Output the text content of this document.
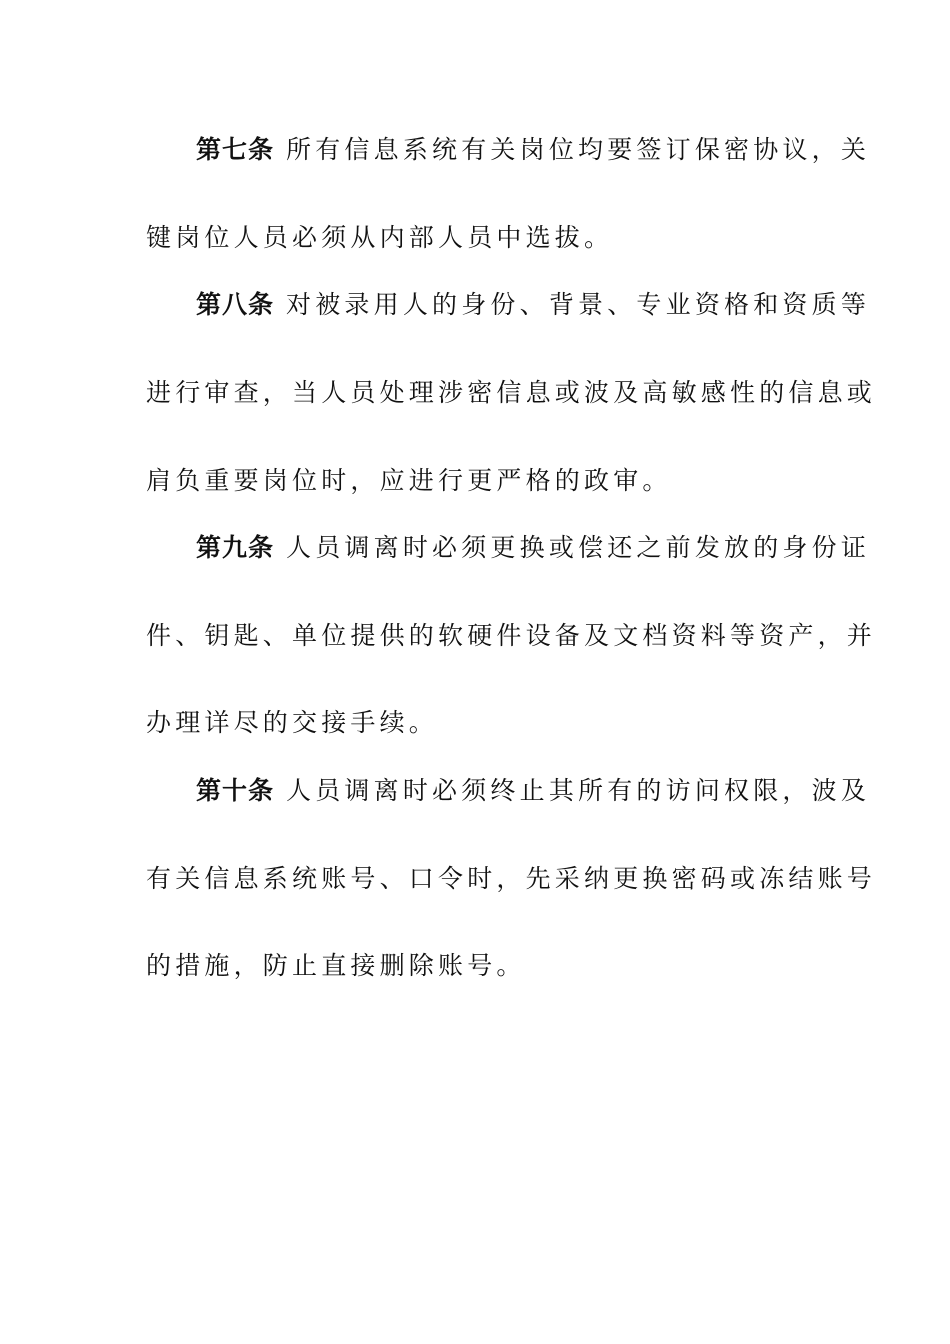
第七条 所有信息系统有关岗位均要签订保密协议，关
键岗位人员必须从内部人员中选拔。
第八条 对被录用人的身份、背景、专业资格和资质等
进行审查，当人员处理涉密信息或波及高敏感性的信息或
肩负重要岗位时，应进行更严格的政审。
第九条 人员调离时必须更换或偿还之前发放的身份证
件、钥匙、单位提供的软硬件设备及文档资料等资产，并
办理详尽的交接手续。
第十条 人员调离时必须终止其所有的访问权限，波及
有关信息系统账号、口令时，先采纳更换密码或冻结账号
的措施，防止直接删除账号。
